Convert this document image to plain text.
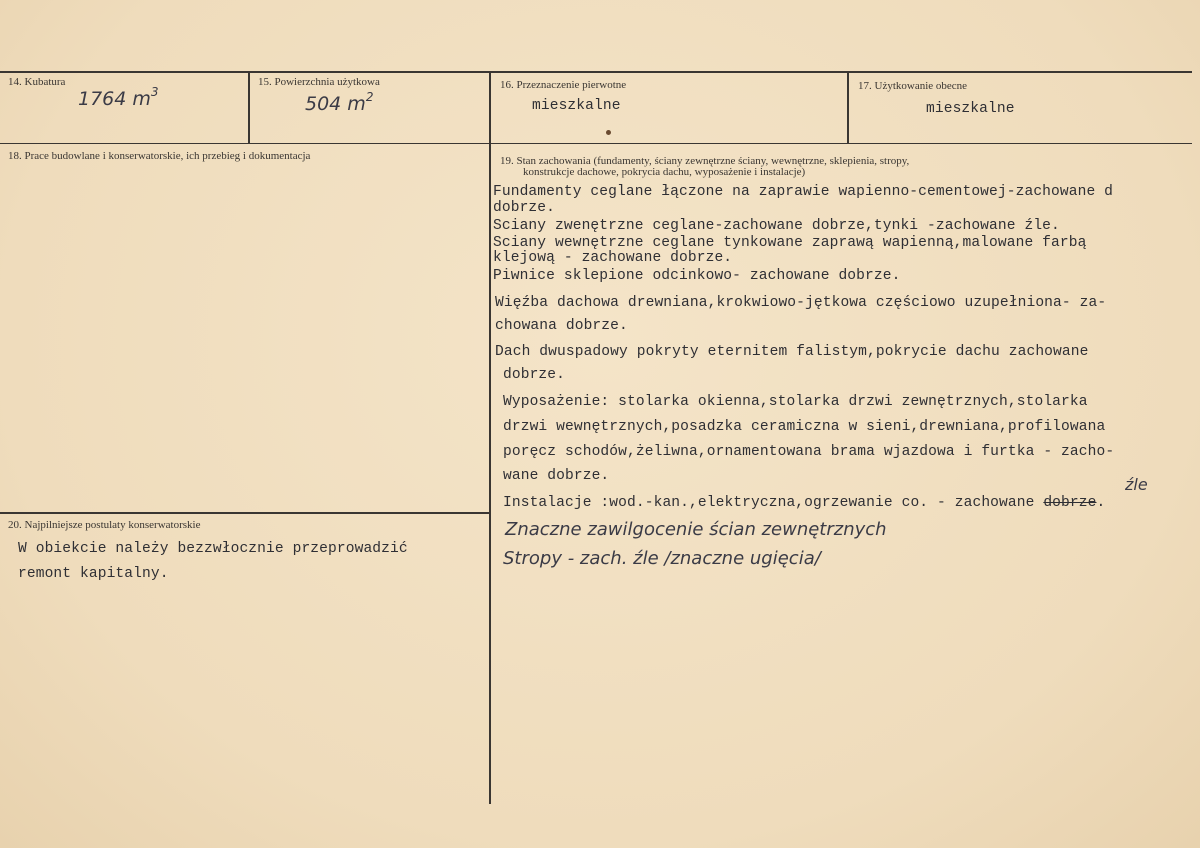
14. Kubatura
1764 $m^3$
15. Powierzchnia użytkowa
504 $m^2$
16. Przeznaczenie pierwotne
mieszkalne
17. Użytkowanie obecne
mieszkalne
18. Prace budowlane i konserwatorskie, ich przebieg i dokumentacja	19. Stan zachowania (fundamenty, ściany zewnętrzne ściany, wewnętrzne, sklepienia, stropy,
konstrukcje dachowe, pokrycia dachu, wyposażenie i instalacje)
Fundamenty ceglane łączone na zaprawie wapienno-cementowej-zachowane d
dobrze.
Sciany zwenętrzne ceglane-zachowane dobrze,tynki -zachowane źle.
Sciany wewnętrzne ceglane tynkowane zaprawą wapienną,malowane farbą
klejową - zachowane dobrze.
Piwnice sklepione odcinkowo- zachowane dobrze.
Więźba dachowa drewniana,krokwiowo-jętkowa częściowo uzupełniona- za-
chowana dobrze.
Dach dwuspadowy pokryty eternitem falistym,pokrycie dachu zachowane
dobrze.
Wyposażenie: stolarka okienna,stolarka drzwi zewnętrznych,stolarka
drzwi wewnętrznych,posadzka ceramiczna w sieni,drewniana,profilowana
poręcz schodów,żeliwna,ornamentowana brama wjazdowa i furtka - zacho-
wane dobrze.
Instalacje :wod.-kan.,elektryczna,ogrzewanie co. - zachowane dobrze.
źle
Znaczne zawilgocenie ścian zewnętrznych
Stropy - zach. źle /znaczne ugięcia/
20. Najpilniejsze postulaty konserwatorskie
W obiekcie należy bezzwłocznie przeprowadzić
remont kapitalny.
